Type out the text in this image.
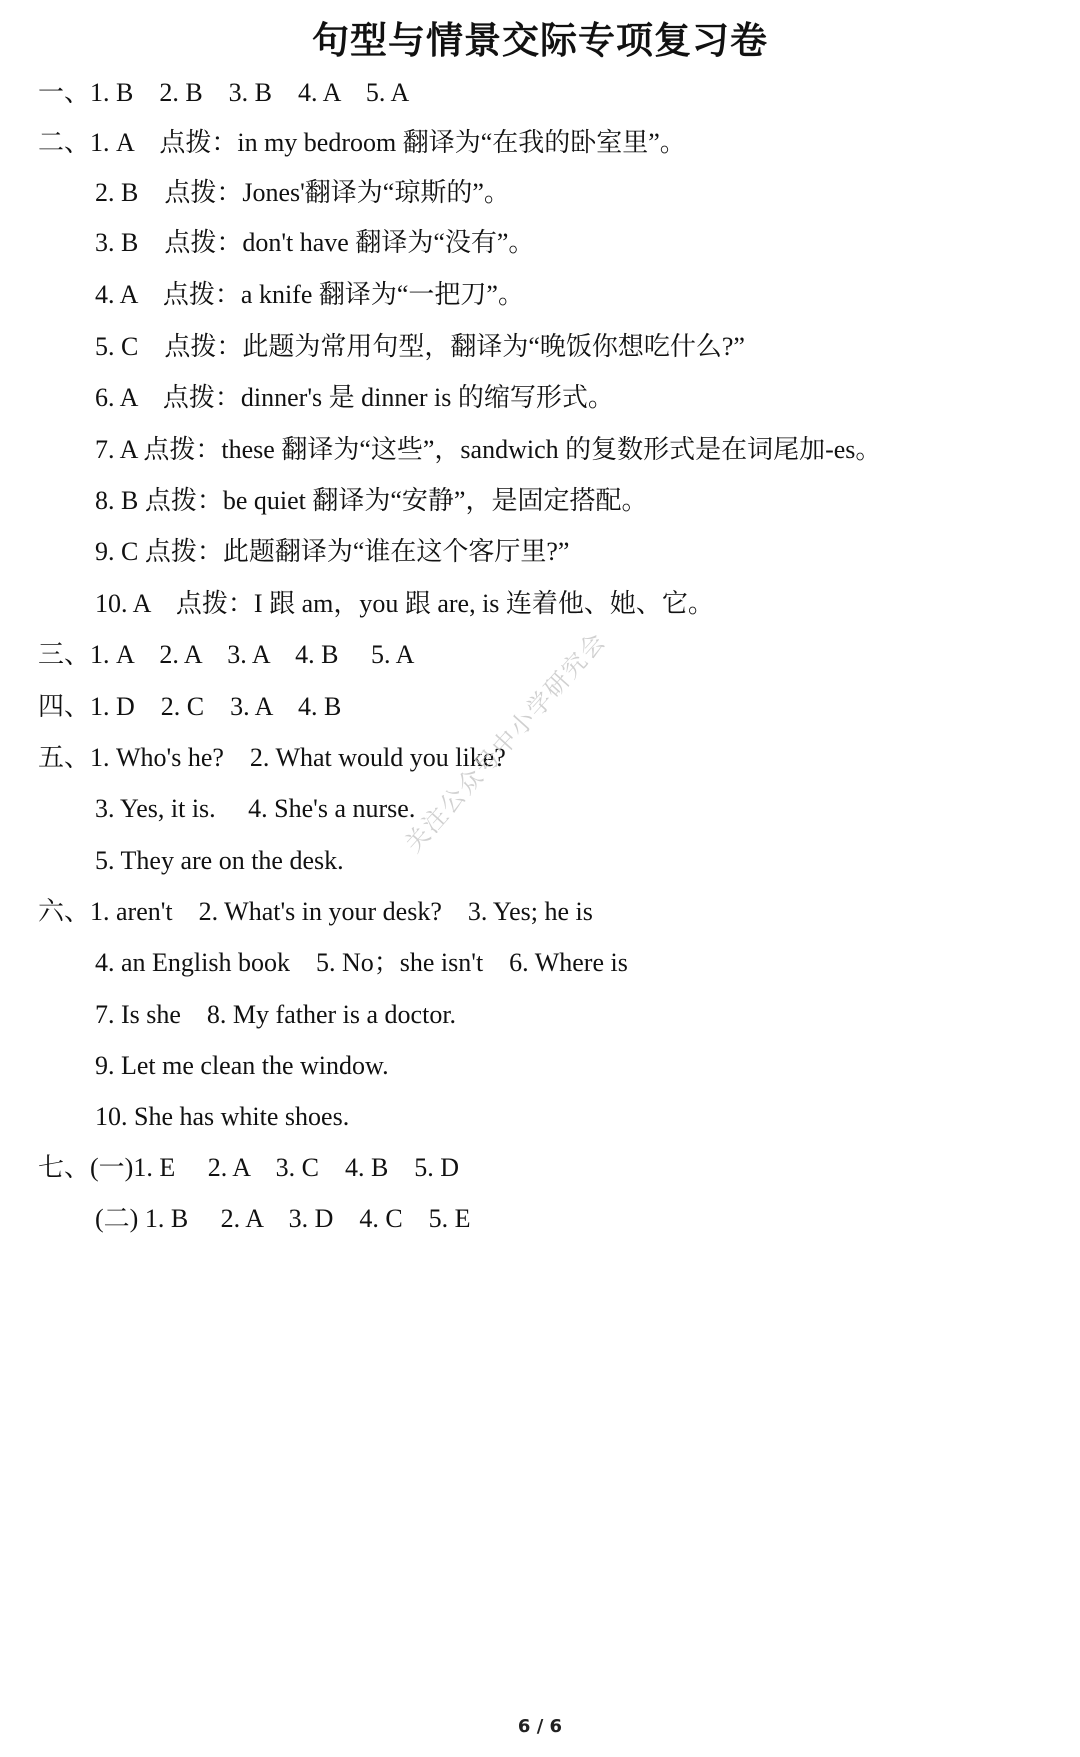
句型与情景交际专项复习卷
一、1. B　2. B　3. B　4. A　5. A
二、1. A　点拨：in my bedroom 翻译为“在我的卧室里”。
2. B　点拨：Jones'翻译为“琼斯的”。
3. B　点拨：don't have 翻译为“没有”。
4. A　点拨：a knife 翻译为“一把刀”。
5. C　点拨：此题为常用句型，翻译为“晚饭你想吃什么?”
6. A　点拨：dinner's 是 dinner is 的缩写形式。
7. A 点拨：these 翻译为“这些”，sandwich 的复数形式是在词尾加-es。
8. B 点拨：be quiet 翻译为“安静”，是固定搭配。
9. C 点拨：此题翻译为“谁在这个客厅里?”
10. A　点拨：I 跟 am，you 跟 are, is 连着他、她、它。
三、1. A　2. A　3. A　4. B　 5. A
四、1. D　2. C　3. A　4. B
五、1. Who's he?　2. What would you like?
3. Yes, it is.　 4. She's a nurse.
5. They are on the desk.
六、1. aren't　2. What's in your desk?　3. Yes; he is
4. an English book　5. No；she isn't　6. Where is
7. Is she　8. My father is a doctor.
9. Let me clean the window.
10. She has white shoes.
七、(一)1. E　 2. A　3. C　4. B　5. D
(二) 1. B　 2. A　3. D　4. C　5. E
关注公众号中小学研究会
6 / 6
